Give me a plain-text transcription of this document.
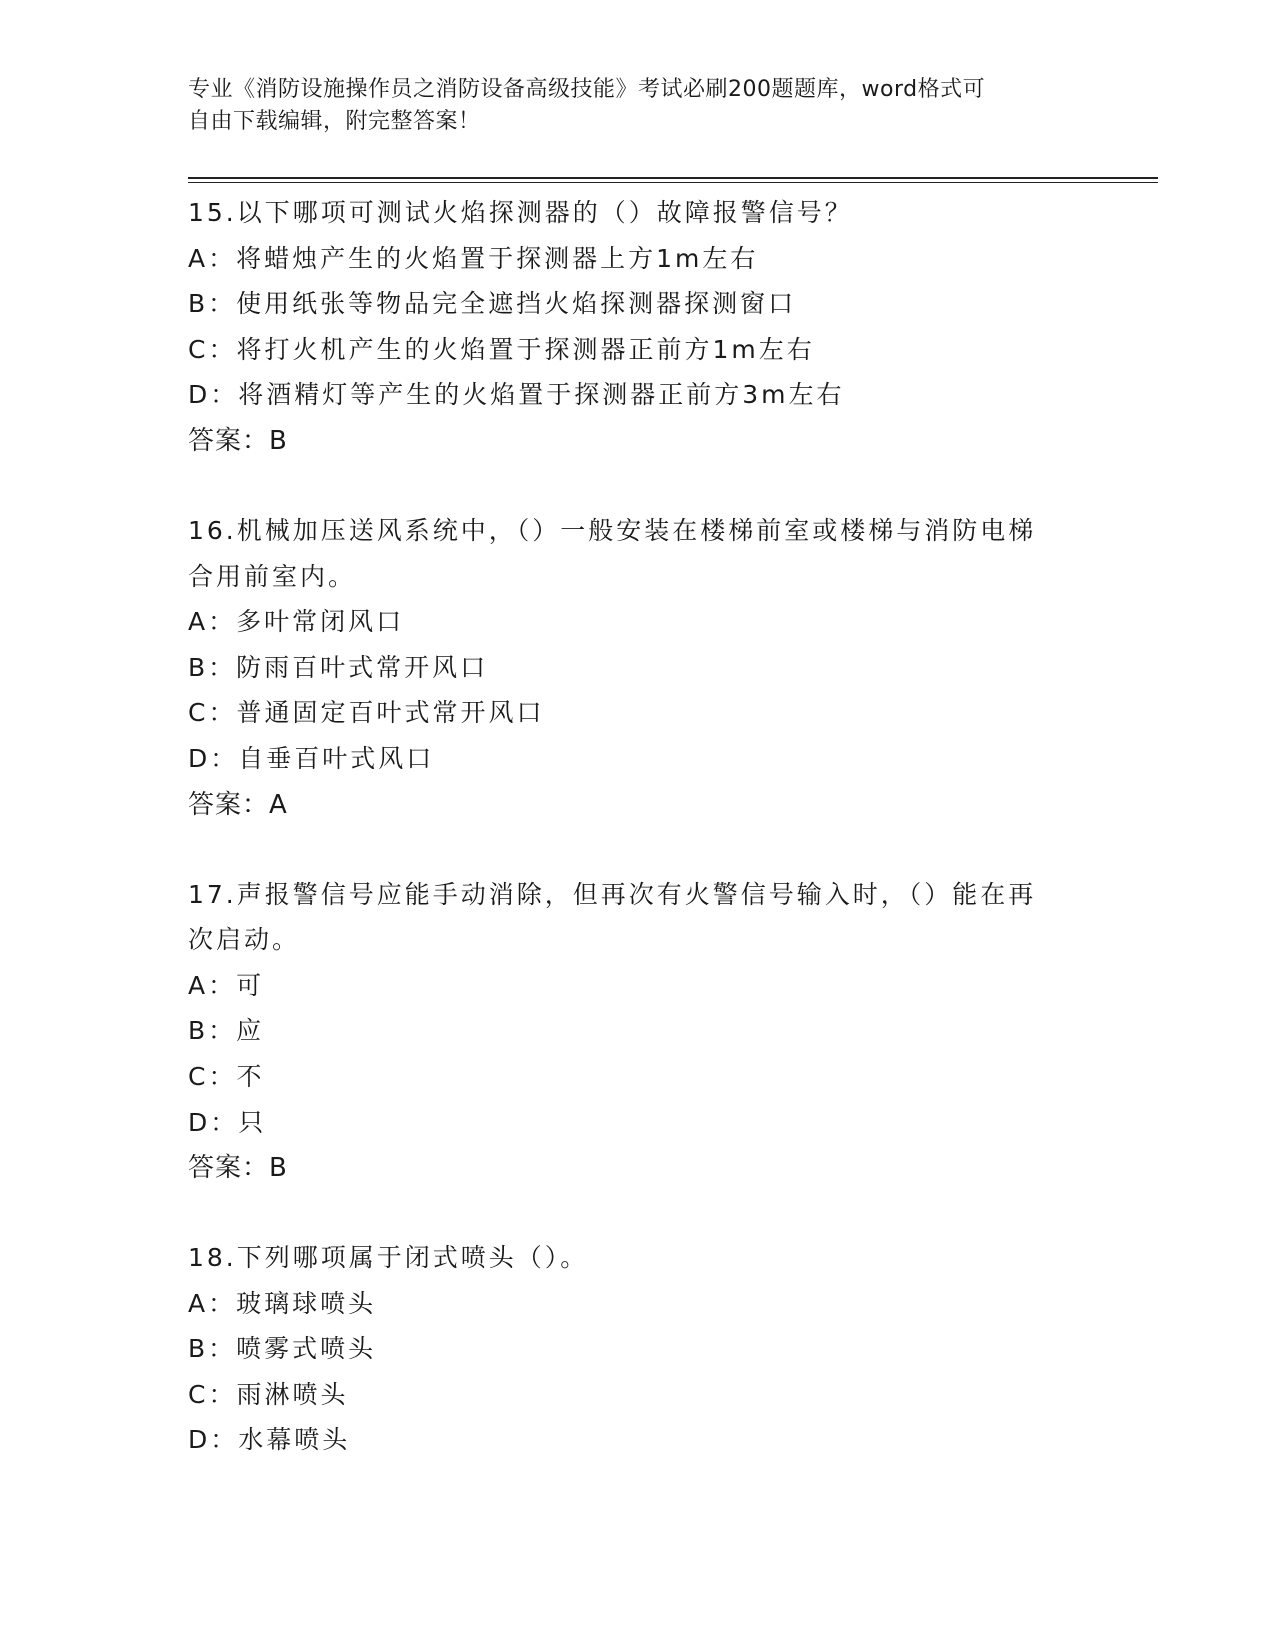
专业《消防设施操作员之消防设备高级技能》考试必刷200题题库，word格式可
自由下载编辑，附完整答案！
15.以下哪项可测试火焰探测器的（）故障报警信号？
A：将蜡烛产生的火焰置于探测器上方1m左右
B：使用纸张等物品完全遮挡火焰探测器探测窗口
C：将打火机产生的火焰置于探测器正前方1m左右
D：将酒精灯等产生的火焰置于探测器正前方3m左右
答案：B
16.机械加压送风系统中，（）一般安装在楼梯前室或楼梯与消防电梯
合用前室内。
A：多叶常闭风口
B：防雨百叶式常开风口
C：普通固定百叶式常开风口
D：自垂百叶式风口
答案：A
17.声报警信号应能手动消除，但再次有火警信号输入时，（）能在再
次启动。
A：可
B：应
C：不
D：只
答案：B
18.下列哪项属于闭式喷头（）。
A：玻璃球喷头
B：喷雾式喷头
C：雨淋喷头
D：水幕喷头
